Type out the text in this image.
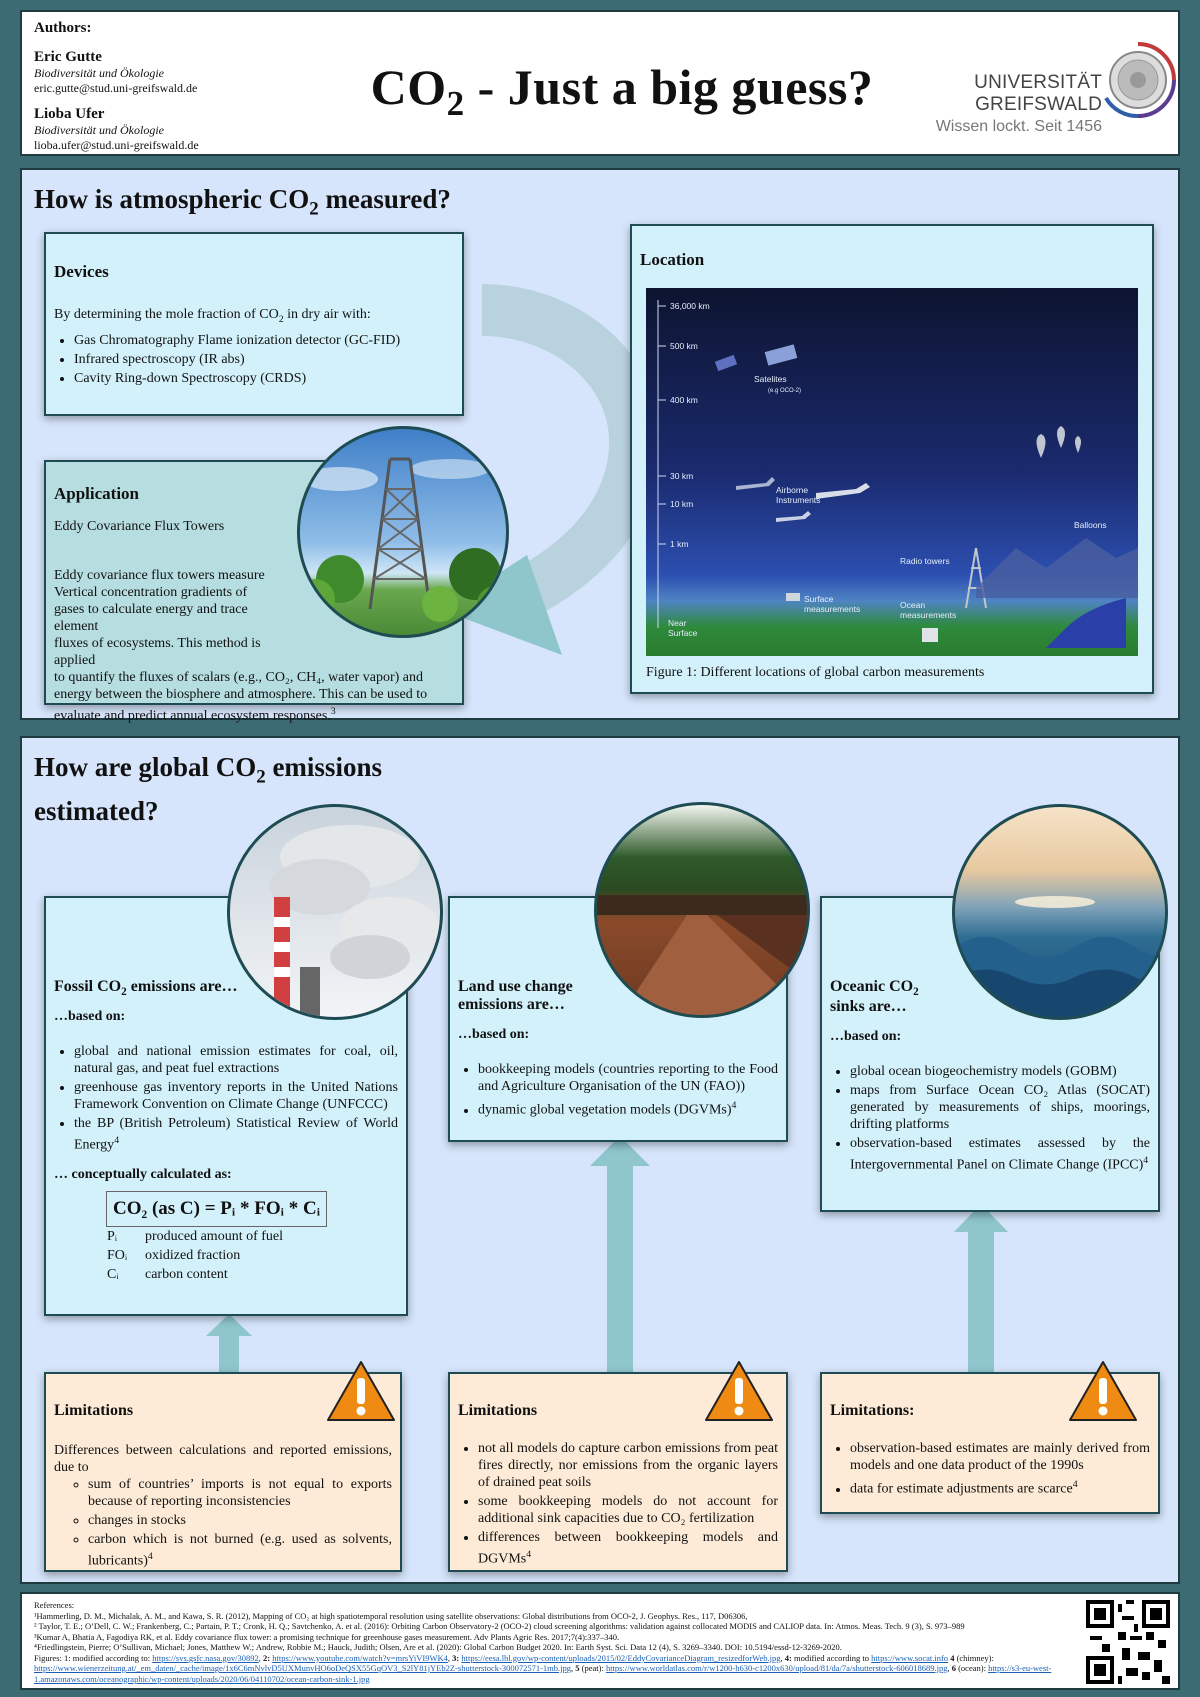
Authors:
Eric Gutte
Biodiversität und Ökologie
eric.gutte@stud.uni-greifswald.de
Lioba Ufer
Biodiversität und Ökologie
lioba.ufer@stud.uni-greifswald.de
$CO_2$ - Just a big guess?	UNIVERSITÄT GREIFSWALD
Wissen lockt. Seit 1456
How is atmospheric $CO_2$ measured?
Devices
By determining the mole fraction of $CO_2$ in dry air with:
• Gas Chromatography Flame ionization detector (GC-FID)
• Infrared spectroscopy (IR abs)
• Cavity Ring-down Spectroscopy (CRDS)
Application
Eddy Covariance Flux Towers
Eddy covariance flux towers measure
Vertical concentration gradients of
gases to calculate energy and trace element
fluxes of ecosystems. This method is applied
to quantify the fluxes of scalars (e.g., CO₂, CH₄, water vapor) and energy between the biosphere and atmosphere. This can be used to evaluate and predict annual ecosystem responses.$^3$
Location
36,000 km
500 km
400 km
30 km
10 km
1 km
Near Surface
Satelites
(e.g OCO-2)
Airborne Instruments
Balloons
Radio towers
Surface measurements	Ocean measurements
Figure 1: Different locations of global carbon measurements
How are global $CO_2$ emissions
estimated?
Fossil $CO_2$ emissions are…
…based on:
• global and national emission estimates for coal, oil, natural gas, and peat fuel extractions
• greenhouse gas inventory reports in the United Nations Framework Convention on Climate Change (UNFCCC)
• the BP (British Petroleum) Statistical Review of World Energy$^4$
… conceptually calculated as:
CO₂ (as C) = Pᵢ * FOᵢ * Cᵢ
Pᵢ	produced amount of fuel
FOᵢ	oxidized fraction
Cᵢ	carbon content
Land use change
emissions are…
…based on:
• bookkeeping models (countries reporting to the Food and Agriculture Organisation of the UN (FAO))
• dynamic global vegetation models (DGVMs)$^4$
Oceanic $CO_2$
sinks are…
…based on:
• global ocean biogeochemistry models (GOBM)
• maps from Surface Ocean CO₂ Atlas (SOCAT) generated by measurements of ships, moorings, drifting platforms
• observation-based estimates assessed by the Intergovernmental Panel on Climate Change (IPCC)$^4$
Limitations
Differences between calculations and reported emissions, due to
◦ sum of countries’ imports is not equal to exports because of reporting inconsistencies
◦ changes in stocks
◦ carbon which is not burned (e.g. used as solvents, lubricants)$^4$
Limitations
• not all models do capture carbon emissions from peat fires directly, nor emissions from the organic layers of drained peat soils
• some bookkeeping models do not account for additional sink capacities due to CO₂ fertilization
• differences between bookkeeping models and DGVMs$^4$
Limitations:
• observation-based estimates are mainly derived from models and one data product of the 1990s
• data for estimate adjustments are scarce$^4$
References:
¹Hammerling, D. M., Michalak, A. M., and Kawa, S. R. (2012), Mapping of CO₂ at high spatiotemporal resolution using satellite observations: Global distributions from OCO-2, J. Geophys. Res., 117, D06306,
² Taylor, T. E.; O’Dell, C. W.; Frankenberg, C.; Partain, P. T.; Cronk, H. Q.; Savtchenko, A. et al. (2016): Orbiting Carbon Observatory-2 (OCO-2) cloud screening algorithms: validation against collocated MODIS and CALIOP data. In: Atmos. Meas. Tech. 9 (3), S. 973–989
³Kumar A, Bhatia A, Fagodiya RK, et al. Eddy covariance flux tower: a promising technique for greenhouse gases measurement. Adv Plants Agric Res. 2017;7(4):337‒340.
⁴Friedlingstein, Pierre; O’Sullivan, Michael; Jones, Matthew W.; Andrew, Robbie M.; Hauck, Judith; Olsen, Are et al. (2020): Global Carbon Budget 2020. In: Earth Syst. Sci. Data 12 (4), S. 3269–3340. DOI: 10.5194/essd-12-3269-2020.
Figures: 1: modified according to: https://svs.gsfc.nasa.gov/30892, 2: https://www.youtube.com/watch?v=mrsYiVI9WK4, 3: https://eesa.lbl.gov/wp-content/uploads/2015/02/EddyCovarianceDiagram_resizedforWeb.jpg, 4: modified according to https://www.socat.info 4 (chimney): https://www.wienerzeitung.at/_em_daten/_cache/image/1x6C6mNvlvD5UXMunvHO6oDeQSX55GqOV3_S2lY81jYEb2Z-shutterstock-300072571-1mb.jpg, 5 (peat): https://www.worldatlas.com/r/w1200-h630-c1200x630/upload/81/da/7a/shutterstock-606018689.jpg, 6 (ocean): https://s3-eu-west-1.amazonaws.com/oceanographic/wp-content/uploads/2020/06/04110702/ocean-carbon-sink-1.jpg
